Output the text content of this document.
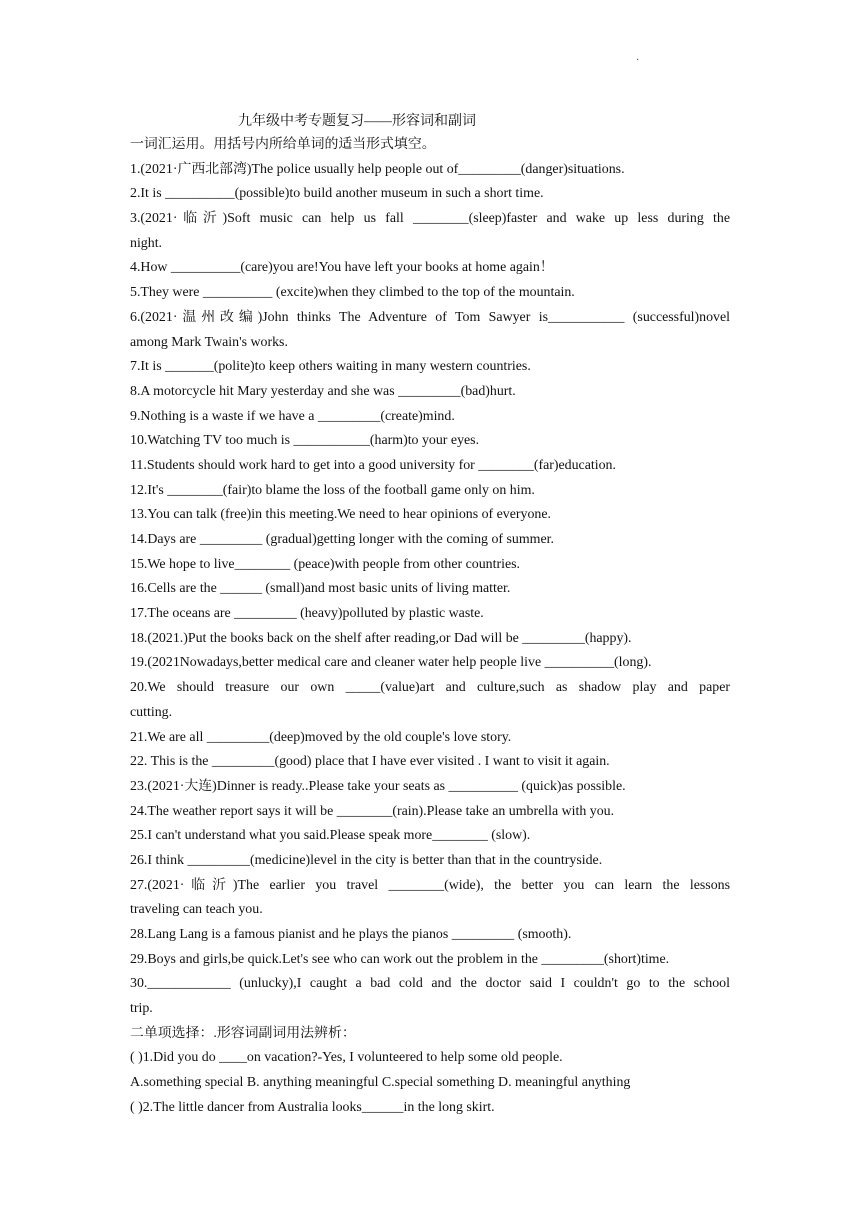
·
九年级中考专题复习——形容词和副词
一词汇运用。用括号内所给单词的适当形式填空。
1.(2021·广西北部湾)The police usually help people out of_________(danger)situations.
2.It is __________(possible)to build another museum in such a short time.
3.(2021·临沂)Soft music can help us fall ________(sleep)faster and wake up less during the
night.
4.How __________(care)you are!You have left your books at home again！
5.They were __________ (excite)when they climbed to the top of the mountain.
6.(2021·温州改编)John thinks The Adventure of Tom Sawyer is___________ (successful)novel
among Mark Twain's works.
7.It is _______(polite)to keep others waiting in many western countries.
8.A motorcycle hit Mary yesterday and she was _________(bad)hurt.
9.Nothing is a waste if we have a _________(create)mind.
10.Watching TV too much is ___________(harm)to your eyes.
11.Students should work hard to get into a good university for ________(far)education.
12.It's ________(fair)to blame the loss of the football game only on him.
13.You can talk (free)in this meeting.We need to hear opinions of everyone.
14.Days are _________ (gradual)getting longer with the coming of summer.
15.We hope to live________ (peace)with people from other countries.
16.Cells are the ______ (small)and most basic units of living matter.
17.The oceans are _________ (heavy)polluted by plastic waste.
18.(2021.)Put the books back on the shelf after reading,or Dad will be _________(happy).
19.(2021Nowadays,better medical care and cleaner water help people live __________(long).
20.We should treasure our own _____(value)art and culture,such as shadow play and paper
cutting.
21.We are all _________(deep)moved by the old couple's love story.
22. This is the _________(good) place that I have ever visited . I want to visit it again.
23.(2021·大连)Dinner is ready..Please take your seats as __________ (quick)as possible.
24.The weather report says it will be ________(rain).Please take an umbrella with you.
25.I can't understand what you said.Please speak more________ (slow).
26.I think _________(medicine)level in the city is better than that in the countryside.
27.(2021·临沂)The earlier you travel ________(wide), the better you can learn the lessons
traveling can teach you.
28.Lang Lang is a famous pianist and he plays the pianos _________ (smooth).
29.Boys and girls,be quick.Let's see who can work out the problem in the _________(short)time.
30.____________ (unlucky),I caught a bad cold and the doctor said I couldn't go to the school
trip.
二单项选择：.形容词副词用法辨析：
( )1.Did you do ____on vacation?-Yes, I volunteered to help some old people.
A.something special B. anything meaningful C.special something D. meaningful anything
( )2.The little dancer from Australia looks______in the long skirt.
